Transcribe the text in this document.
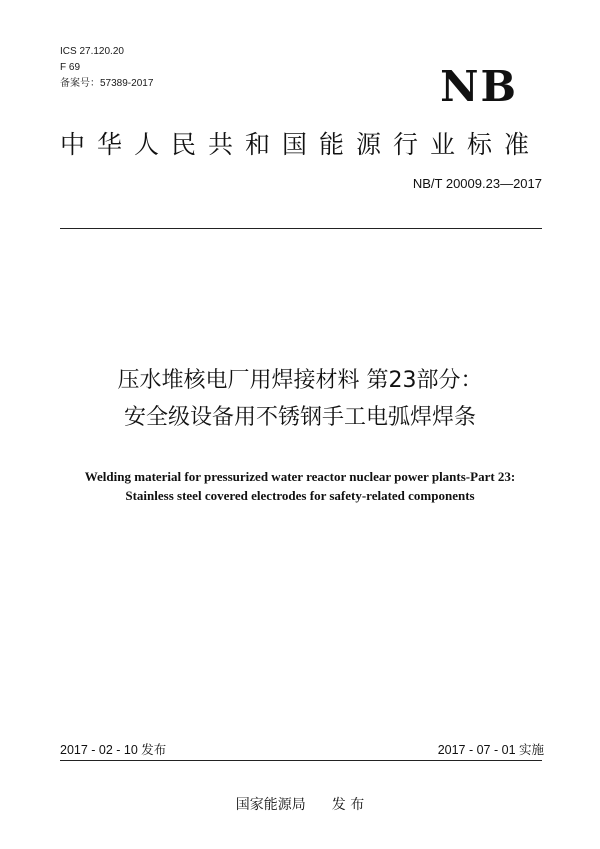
ICS 27.120.20
F 69
备案号：57389-2017	NB
中华人民共和国能源行业标准
NB/T 20009.23—2017
压水堆核电厂用焊接材料 第23部分：
安全级设备用不锈钢手工电弧焊焊条
Welding material for pressurized water reactor nuclear power plants-Part 23:
Stainless steel covered electrodes for safety-related components
2017 - 02 - 10 发布	2017 - 07 - 01 实施
国家能源局 发 布
